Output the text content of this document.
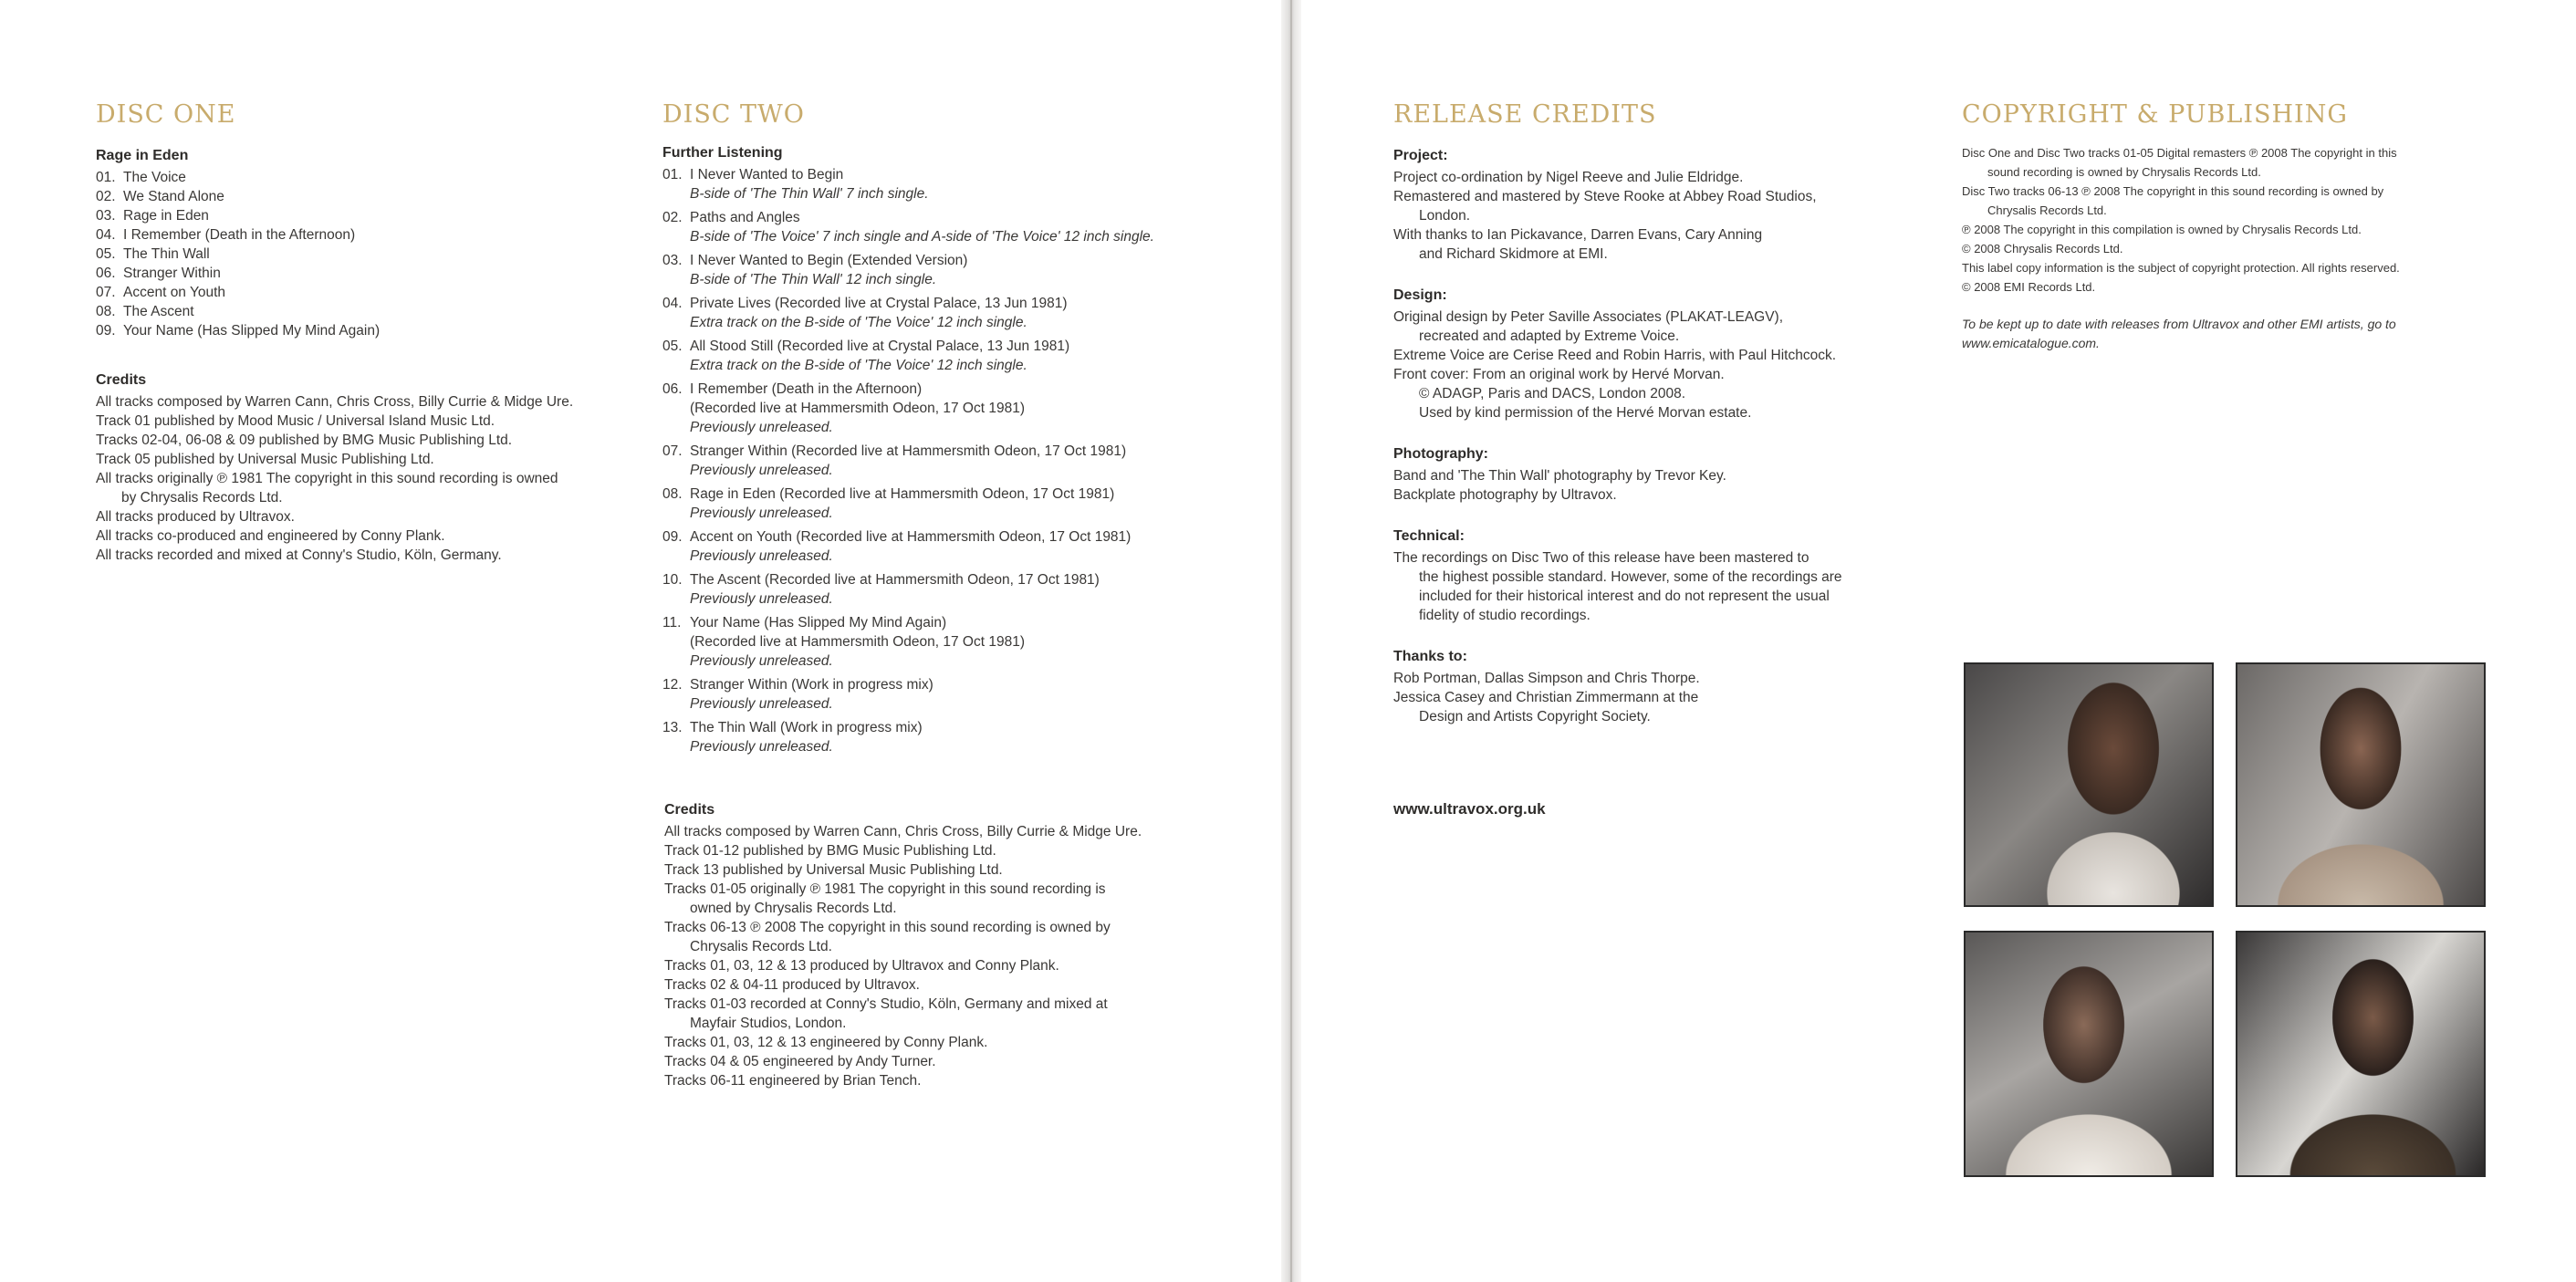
DISC ONE

Rage in Eden

01. The Voice
02. We Stand Alone
03. Rage in Eden
04. I Remember (Death in the Afternoon)
05. The Thin Wall
06. Stranger Within
07. Accent on Youth
08. The Ascent
09. Your Name (Has Slipped My Mind Again)

Credits

All tracks composed by Warren Cann, Chris Cross, Billy Currie & Midge Ure.

Track 01 published by Mood Music / Universal Island Music Ltd.

Tracks 02-04, 06-08 & 09 published by BMG Music Publishing Ltd.

Track 05 published by Universal Music Publishing Ltd.

All tracks originally ℗ 1981 The copyright in this sound recording is owned

by Chrysalis Records Ltd.

All tracks produced by Ultravox.

All tracks co-produced and engineered by Conny Plank.

All tracks recorded and mixed at Conny's Studio, Köln, Germany.

DISC TWO

Further Listening

01. I Never Wanted to Begin
B-side of 'The Thin Wall' 7 inch single.
02. Paths and Angles
B-side of 'The Voice' 7 inch single and A-side of 'The Voice' 12 inch single.
03. I Never Wanted to Begin (Extended Version)
B-side of 'The Thin Wall' 12 inch single.
04. Private Lives (Recorded live at Crystal Palace, 13 Jun 1981)
Extra track on the B-side of 'The Voice' 12 inch single.
05. All Stood Still (Recorded live at Crystal Palace, 13 Jun 1981)
Extra track on the B-side of 'The Voice' 12 inch single.
06. I Remember (Death in the Afternoon)
(Recorded live at Hammersmith Odeon, 17 Oct 1981)
Previously unreleased.
07. Stranger Within (Recorded live at Hammersmith Odeon, 17 Oct 1981)
Previously unreleased.
08. Rage in Eden (Recorded live at Hammersmith Odeon, 17 Oct 1981)
Previously unreleased.
09. Accent on Youth (Recorded live at Hammersmith Odeon, 17 Oct 1981)
Previously unreleased.
10. The Ascent (Recorded live at Hammersmith Odeon, 17 Oct 1981)
Previously unreleased.
11. Your Name (Has Slipped My Mind Again)
(Recorded live at Hammersmith Odeon, 17 Oct 1981)
Previously unreleased.
12. Stranger Within (Work in progress mix)
Previously unreleased.
13. The Thin Wall (Work in progress mix)
Previously unreleased.

Credits

All tracks composed by Warren Cann, Chris Cross, Billy Currie & Midge Ure.

Track 01-12 published by BMG Music Publishing Ltd.

Track 13 published by Universal Music Publishing Ltd.

Tracks 01-05 originally ℗ 1981 The copyright in this sound recording is

owned by Chrysalis Records Ltd.

Tracks 06-13 ℗ 2008 The copyright in this sound recording is owned by

Chrysalis Records Ltd.

Tracks 01, 03, 12 & 13 produced by Ultravox and Conny Plank.

Tracks 02 & 04-11 produced by Ultravox.

Tracks 01-03 recorded at Conny's Studio, Köln, Germany and mixed at

Mayfair Studios, London.

Tracks 01, 03, 12 & 13 engineered by Conny Plank.

Tracks 04 & 05 engineered by Andy Turner.

Tracks 06-11 engineered by Brian Tench.

RELEASE CREDITS

Project:

Project co-ordination by Nigel Reeve and Julie Eldridge.

Remastered and mastered by Steve Rooke at Abbey Road Studios,

London.

With thanks to Ian Pickavance, Darren Evans, Cary Anning

and Richard Skidmore at EMI.

Design:

Original design by Peter Saville Associates (PLAKAT-LEAGV),

recreated and adapted by Extreme Voice.

Extreme Voice are Cerise Reed and Robin Harris, with Paul Hitchcock.

Front cover: From an original work by Hervé Morvan.

© ADAGP, Paris and DACS, London 2008.

Used by kind permission of the Hervé Morvan estate.

Photography:

Band and 'The Thin Wall' photography by Trevor Key.

Backplate photography by Ultravox.

Technical:

The recordings on Disc Two of this release have been mastered to

the highest possible standard. However, some of the recordings are

included for their historical interest and do not represent the usual

fidelity of studio recordings.

Thanks to:

Rob Portman, Dallas Simpson and Chris Thorpe.

Jessica Casey and Christian Zimmermann at the

Design and Artists Copyright Society.

www.ultravox.org.uk

COPYRIGHT & PUBLISHING

Disc One and Disc Two tracks 01-05 Digital remasters ℗ 2008 The copyright in this

sound recording is owned by Chrysalis Records Ltd.

Disc Two tracks 06-13 ℗ 2008 The copyright in this sound recording is owned by

Chrysalis Records Ltd.

℗ 2008 The copyright in this compilation is owned by Chrysalis Records Ltd.

© 2008 Chrysalis Records Ltd.

This label copy information is the subject of copyright protection. All rights reserved.

© 2008 EMI Records Ltd.

To be kept up to date with releases from Ultravox and other EMI artists, go to

www.emicatalogue.com.
